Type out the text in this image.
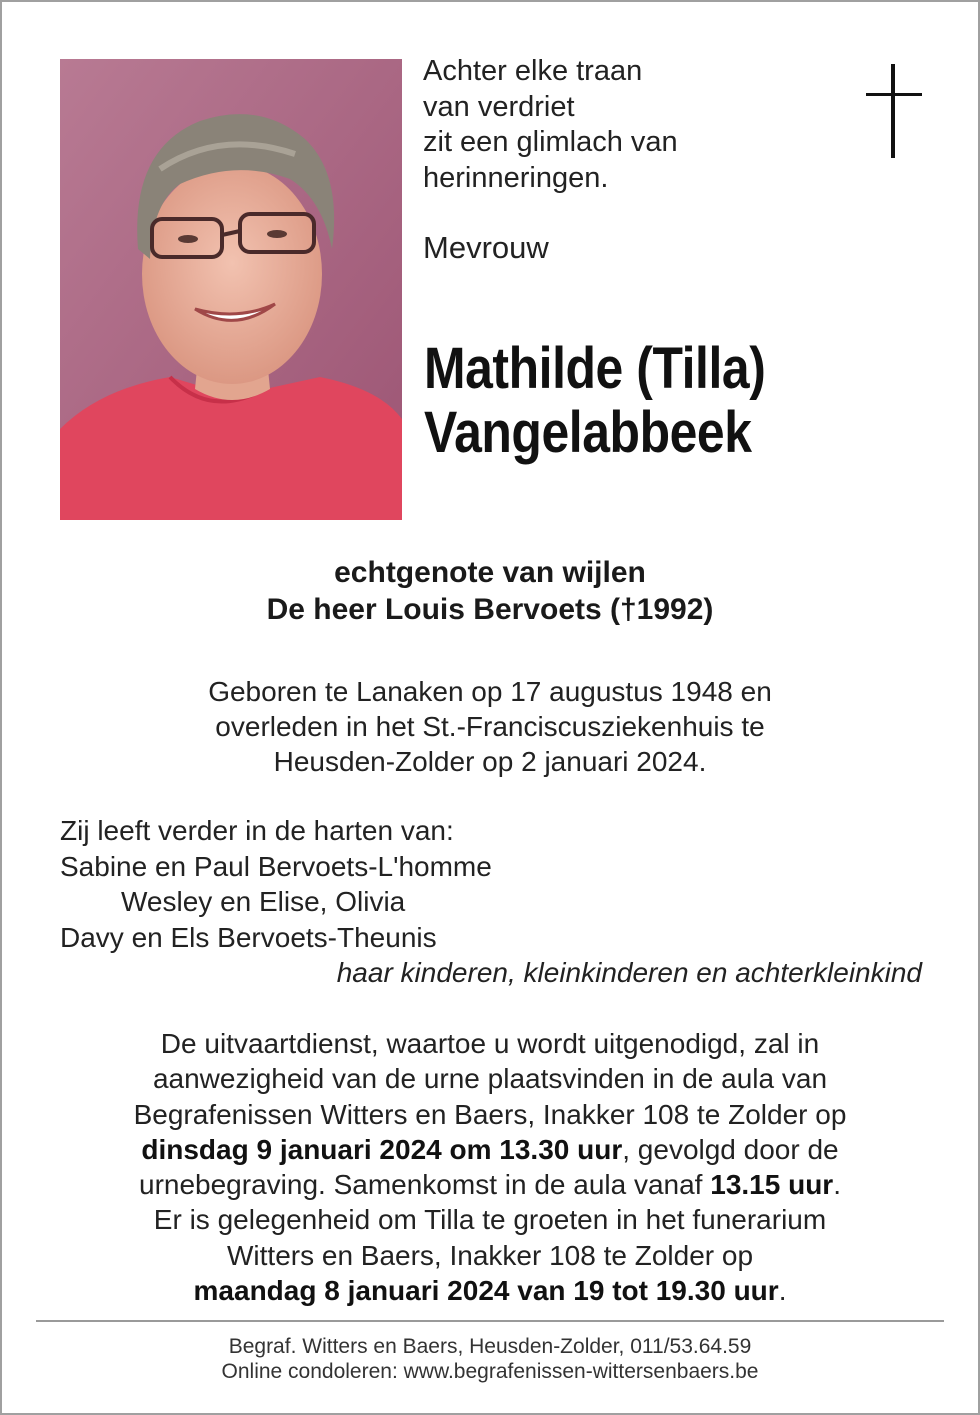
Achter elke traan
van verdriet
zit een glimlach van
herinneringen.
Mevrouw
Mathilde (Tilla)
Vangelabbeek
echtgenote van wijlen
De heer Louis Bervoets (†1992)
Geboren te Lanaken op 17 augustus 1948 en
overleden in het St.-Franciscusziekenhuis te
Heusden-Zolder op 2 januari 2024.
Zij leeft verder in de harten van:
Sabine en Paul Bervoets-L'homme
Wesley en Elise, Olivia
Davy en Els Bervoets-Theunis
haar kinderen, kleinkinderen en achterkleinkind
De uitvaartdienst, waartoe u wordt uitgenodigd, zal in
aanwezigheid van de urne plaatsvinden in de aula van
Begrafenissen Witters en Baers, Inakker 108 te Zolder op
dinsdag 9 januari 2024 om 13.30 uur, gevolgd door de
urnebegraving. Samenkomst in de aula vanaf 13.15 uur.
Er is gelegenheid om Tilla te groeten in het funerarium
Witters en Baers, Inakker 108 te Zolder op
maandag 8 januari 2024 van 19 tot 19.30 uur.
Begraf. Witters en Baers, Heusden-Zolder, 011/53.64.59
Online condoleren: www.begrafenissen-wittersenbaers.be
